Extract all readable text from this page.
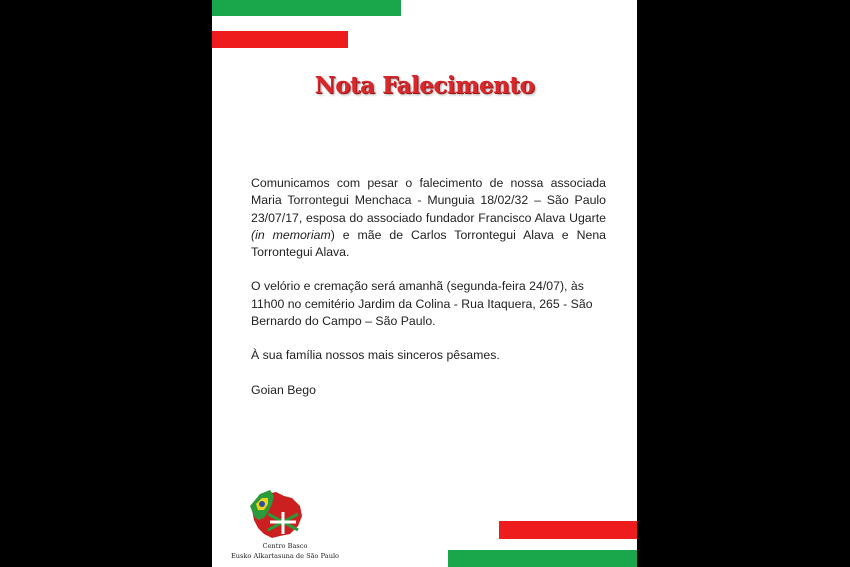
Nota Falecimento

Comunicamos com pesar o falecimento de nossa associada Maria Torrontegui Menchaca - Munguia 18/02/32 – São Paulo 23/07/17, esposa do associado fundador Francisco Alava Ugarte (in memoriam) e mãe de Carlos Torrontegui Alava e Nena Torrontegui Alava.

O velório e cremação será amanhã (segunda-feira 24/07), às 11h00 no cemitério Jardim da Colina - Rua Itaquera, 265 - São Bernardo do Campo – São Paulo.

À sua família nossos mais sinceros pêsames.

Goian Bego

Centro Basco
Eusko Alkartasuna de São Paulo
